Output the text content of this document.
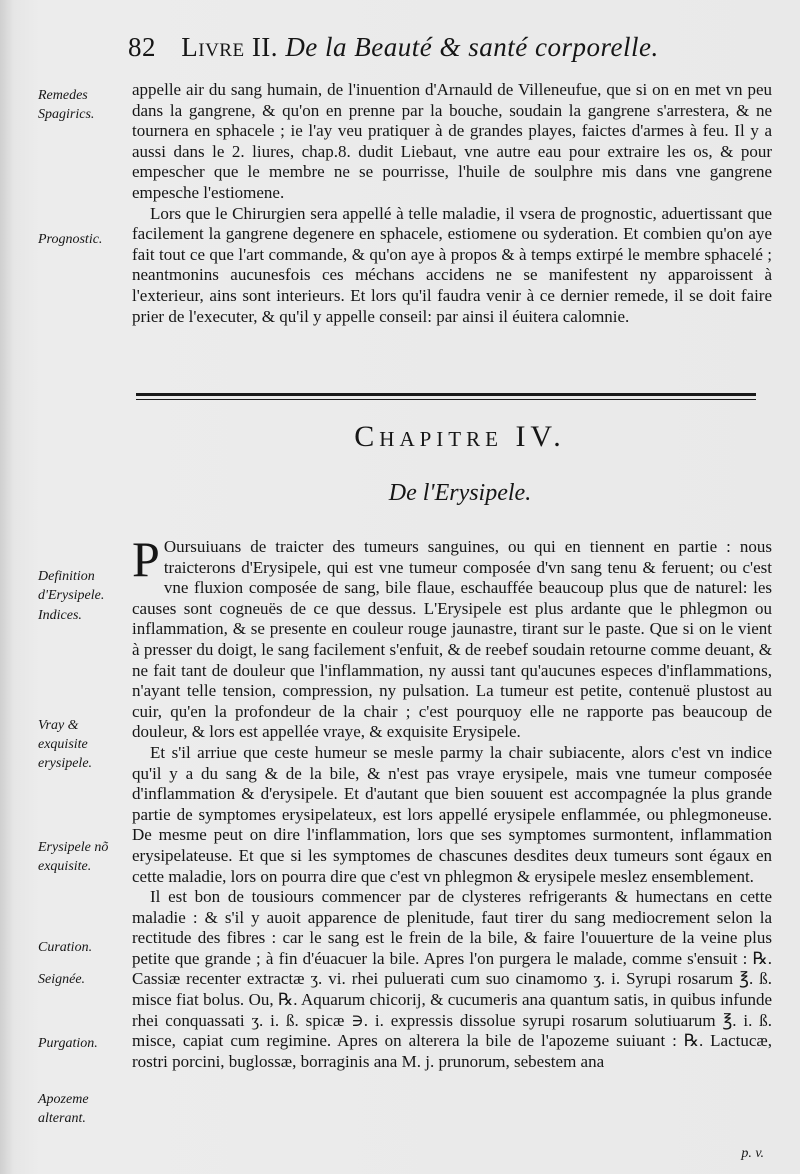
82 Livre II. De la Beauté & santé corporelle.
Remedes Spagirics.
Prognostic.
Definition d'Erysipele.
Indices.
Vray & exquisite erysipele.
Erysipele nõ exquisite.
Curation.
Seignée.
Purgation.
Apozeme alterant.

appelle air du sang humain, de l'inuention d'Arnauld de Villeneufue, que si on en met vn peu dans la gangrene, & qu'on en prenne par la bouche, soudain la gangrene s'arrestera, & ne tournera en sphacele ; ie l'ay veu pratiquer à de grandes playes, faictes d'armes à feu. Il y a aussi dans le 2. liures, chap.8. dudit Liebaut, vne autre eau pour extraire les os, & pour empescher que le membre ne se pourrisse, l'huile de soulphre mis dans vne gangrene empesche l'estiomene.

Lors que le Chirurgien sera appellé à telle maladie, il vsera de prognostic, aduertissant que facilement la gangrene degenere en sphacele, estiomene ou syderation. Et combien qu'on aye fait tout ce que l'art commande, & qu'on aye à propos & à temps extirpé le membre sphacelé ; neantmonins aucunesfois ces méchans accidens ne se manifestent ny apparoissent à l'exterieur, ains sont interieurs. Et lors qu'il faudra venir à ce dernier remede, il se doit faire prier de l'executer, & qu'il y appelle conseil: par ainsi il éuitera calomnie.

Chapitre IV.
De l'Erysipele.

P Oursuiuans de traicter des tumeurs sanguines, ou qui en tiennent en partie : nous traicterons d'Erysipele, qui est vne tumeur composée d'vn sang tenu & feruent; ou c'est vne fluxion composée de sang, bile flaue, eschauffée beaucoup plus que de naturel: les causes sont cogneuës de ce que dessus. L'Erysipele est plus ardante que le phlegmon ou inflammation, & se presente en couleur rouge jaunastre, tirant sur le paste. Que si on le vient à presser du doigt, le sang facilement s'enfuit, & de reebef soudain retourne comme deuant, & ne fait tant de douleur que l'inflammation, ny aussi tant qu'aucunes especes d'inflammations, n'ayant telle tension, compression, ny pulsation. La tumeur est petite, contenuë plustost au cuir, qu'en la profondeur de la chair ; c'est pourquoy elle ne rapporte pas beaucoup de douleur, & lors est appellée vraye, & exquisite Erysipele.

Et s'il arriue que ceste humeur se mesle parmy la chair subiacente, alors c'est vn indice qu'il y a du sang & de la bile, & n'est pas vraye erysipele, mais vne tumeur composée d'inflammation & d'erysipele. Et d'autant que bien souuent est accompagnée la plus grande partie de symptomes erysipelateux, est lors appellé erysipele enflammée, ou phlegmoneuse. De mesme peut on dire l'inflammation, lors que ses symptomes surmontent, inflammation erysipelateuse. Et que si les symptomes de chascunes desdites deux tumeurs sont égaux en cette maladie, lors on pourra dire que c'est vn phlegmon & erysipele meslez ensemblement.

Il est bon de tousiours commencer par de clysteres refrigerants & humectans en cette maladie : & s'il y auoit apparence de plenitude, faut tirer du sang mediocrement selon la rectitude des fibres : car le sang est le frein de la bile, & faire l'ouuerture de la veine plus petite que grande ; à fin d'éuacuer la bile. Apres l'on purgera le malade, comme s'ensuit : ℞. Cassiæ recenter extractæ ʒ. vi. rhei puluerati cum suo cinamomo ʒ. i. Syrupi rosarum ℥. ß. misce fiat bolus. Ou, ℞. Aquarum chicorij, & cucumeris ana quantum satis, in quibus infunde rhei conquassati ʒ. i. ß. spicæ ∋. i. expressis dissolue syrupi rosarum solutiuarum ℥. i. ß. misce, capiat cum regimine. Apres on alterera la bile de l'apozeme suiuant : ℞. Lactucæ, rostri porcini, buglossæ, borraginis ana M. j. prunorum, sebestem ana

p. v.
